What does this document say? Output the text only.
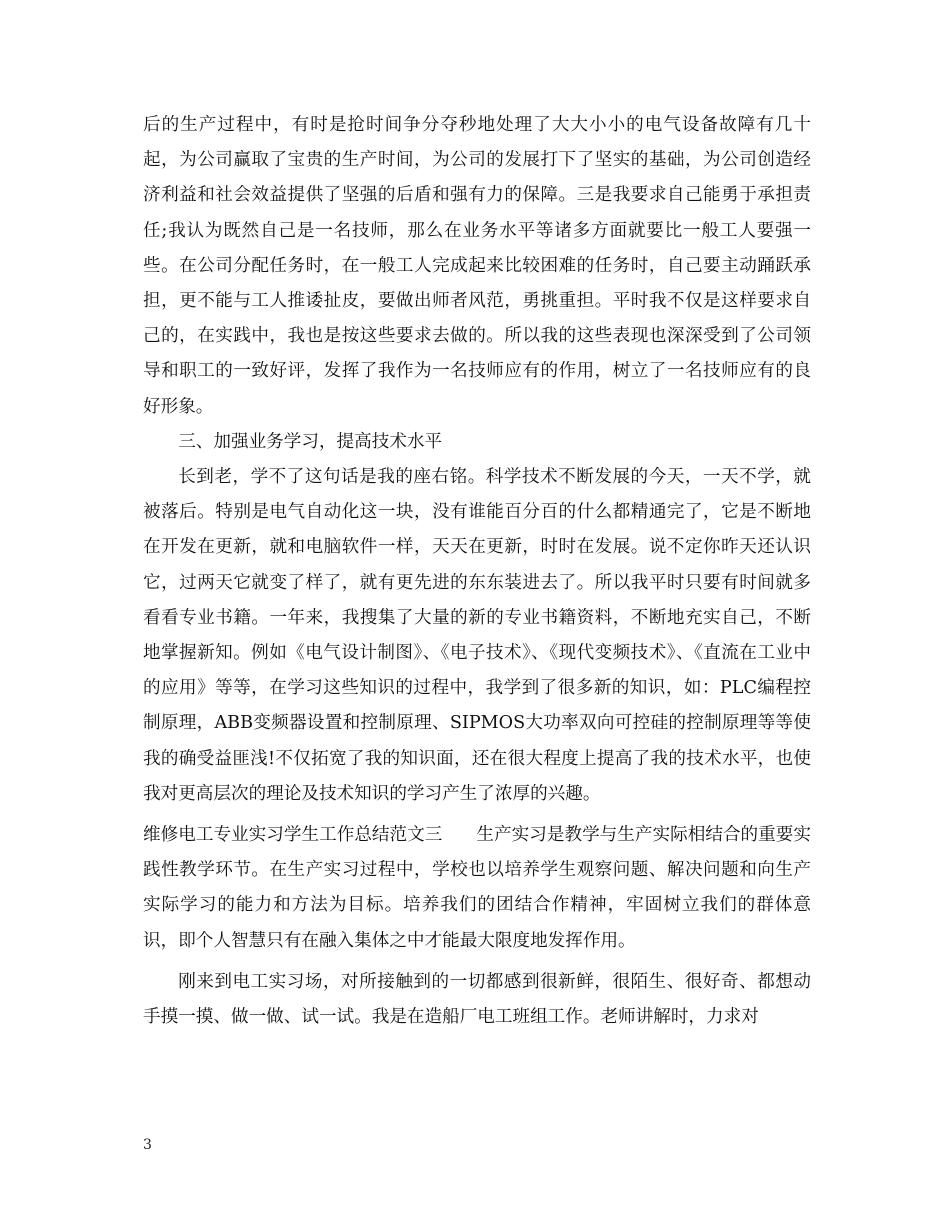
后的生产过程中，有时是抢时间争分夺秒地处理了大大小小的电气设备故障有几十起，为公司赢取了宝贵的生产时间，为公司的发展打下了坚实的基础，为公司创造经济利益和社会效益提供了坚强的后盾和强有力的保障。三是我要求自己能勇于承担责任;我认为既然自己是一名技师，那么在业务水平等诸多方面就要比一般工人要强一些。在公司分配任务时，在一般工人完成起来比较困难的任务时，自己要主动踊跃承担，更不能与工人推诿扯皮，要做出师者风范，勇挑重担。平时我不仅是这样要求自己的，在实践中，我也是按这些要求去做的。所以我的这些表现也深深受到了公司领导和职工的一致好评，发挥了我作为一名技师应有的作用，树立了一名技师应有的良好形象。

三、加强业务学习，提高技术水平

长到老，学不了这句话是我的座右铭。科学技术不断发展的今天，一天不学，就被落后。特别是电气自动化这一块，没有谁能百分百的什么都精通完了，它是不断地在开发在更新，就和电脑软件一样，天天在更新，时时在发展。说不定你昨天还认识它，过两天它就变了样了，就有更先进的东东装进去了。所以我平时只要有时间就多看看专业书籍。一年来，我搜集了大量的新的专业书籍资料，不断地充实自己，不断地掌握新知。例如《电气设计制图》、《电子技术》、《现代变频技术》、《直流在工业中的应用》等等，在学习这些知识的过程中，我学到了很多新的知识，如：PLC编程控制原理，ABB变频器设置和控制原理、SIPMOS大功率双向可控硅的控制原理等等使我的确受益匪浅!不仅拓宽了我的知识面，还在很大程度上提高了我的技术水平，也使我对更高层次的理论及技术知识的学习产生了浓厚的兴趣。

维修电工专业实习学生工作总结范文三 生产实习是教学与生产实际相结合的重要实践性教学环节。在生产实习过程中，学校也以培养学生观察问题、解决问题和向生产实际学习的能力和方法为目标。培养我们的团结合作精神，牢固树立我们的群体意识，即个人智慧只有在融入集体之中才能最大限度地发挥作用。

刚来到电工实习场，对所接触到的一切都感到很新鲜，很陌生、很好奇、都想动手摸一摸、做一做、试一试。我是在造船厂电工班组工作。老师讲解时，力求对

3
